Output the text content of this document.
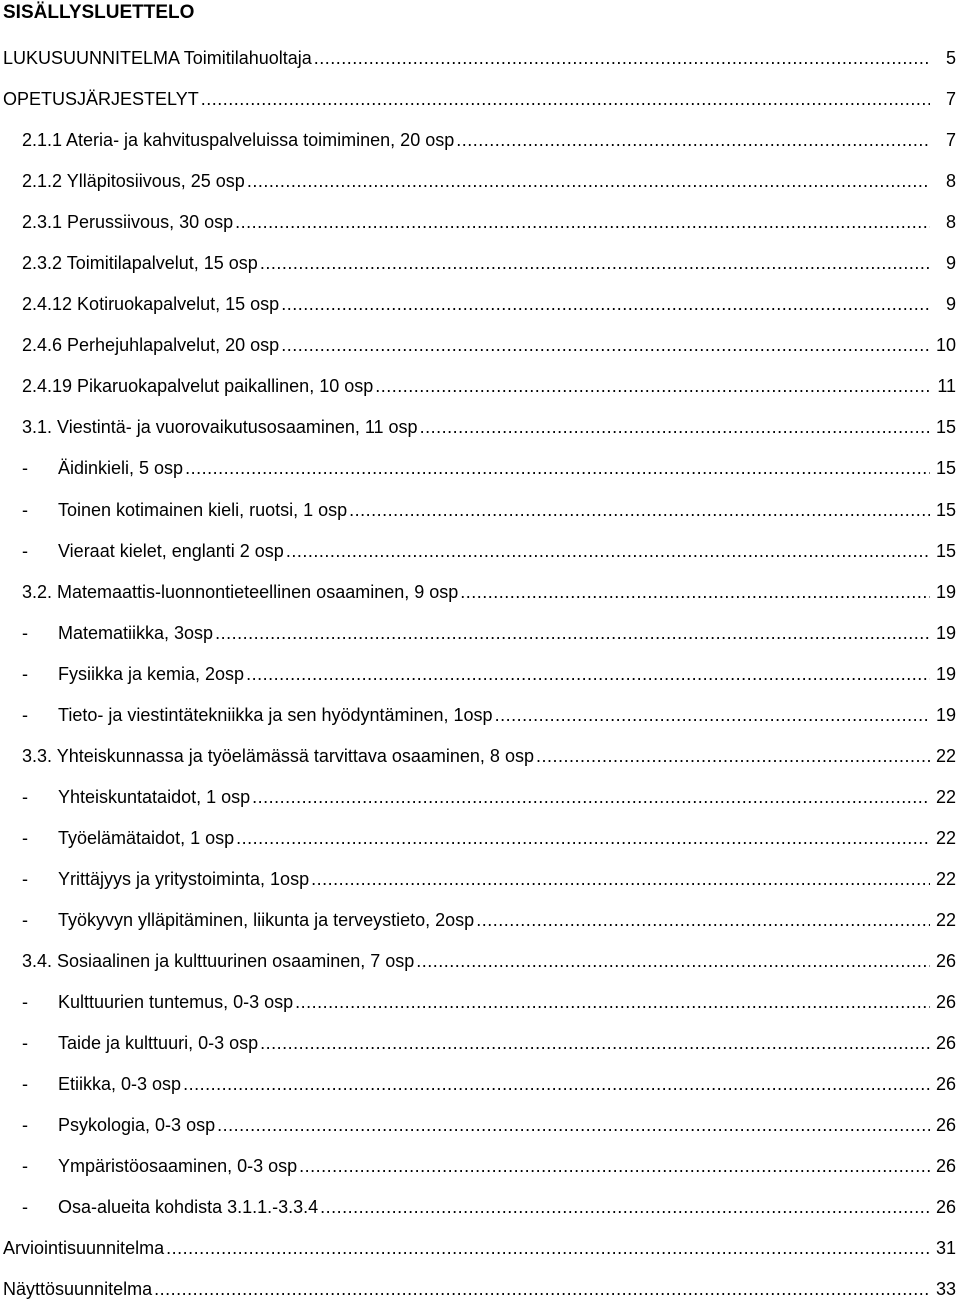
SISÄLLYSLUETTELO
LUKUSUUNNITELMA Toimitilahuoltaja .....	5
OPETUSJÄRJESTELYT .....	7
2.1.1 Ateria- ja kahvituspalveluissa toimiminen, 20 osp .....	7
2.1.2 Ylläpitosiivous, 25 osp .....	8
2.3.1 Perussiivous, 30 osp .....	8
2.3.2 Toimitilapalvelut, 15 osp .....	9
2.4.12 Kotiruokapalvelut, 15 osp .....	9
2.4.6 Perhejuhlapalvelut, 20 osp .....	10
2.4.19 Pikaruokapalvelut paikallinen, 10 osp .....	11
3.1. Viestintä- ja vuorovaikutusosaaminen, 11 osp .....	15
-	Äidinkieli, 5 osp .....	15
-	Toinen kotimainen kieli, ruotsi, 1 osp .....	15
-	Vieraat kielet, englanti 2 osp .....	15
3.2. Matemaattis-luonnontieteellinen osaaminen, 9 osp .....	19
-	Matematiikka, 3osp .....	19
-	Fysiikka ja kemia, 2osp .....	19
-	Tieto- ja viestintätekniikka ja sen hyödyntäminen, 1osp .....	19
3.3. Yhteiskunnassa ja työelämässä tarvittava osaaminen, 8 osp .....	22
-	Yhteiskuntataidot, 1 osp .....	22
-	Työelämätaidot, 1 osp .....	22
-	Yrittäjyys ja yritystoiminta, 1osp .....	22
-	Työkyvyn ylläpitäminen, liikunta ja terveystieto, 2osp .....	22
3.4. Sosiaalinen ja kulttuurinen osaaminen, 7 osp .....	26
-	Kulttuurien tuntemus, 0-3 osp .....	26
-	Taide ja kulttuuri, 0-3 osp .....	26
-	Etiikka, 0-3 osp .....	26
-	Psykologia, 0-3 osp .....	26
-	Ympäristöosaaminen, 0-3 osp .....	26
-	Osa-alueita kohdista 3.1.1.-3.3.4 .....	26
Arviointisuunnitelma .....	31
Näyttösuunnitelma .....	33
